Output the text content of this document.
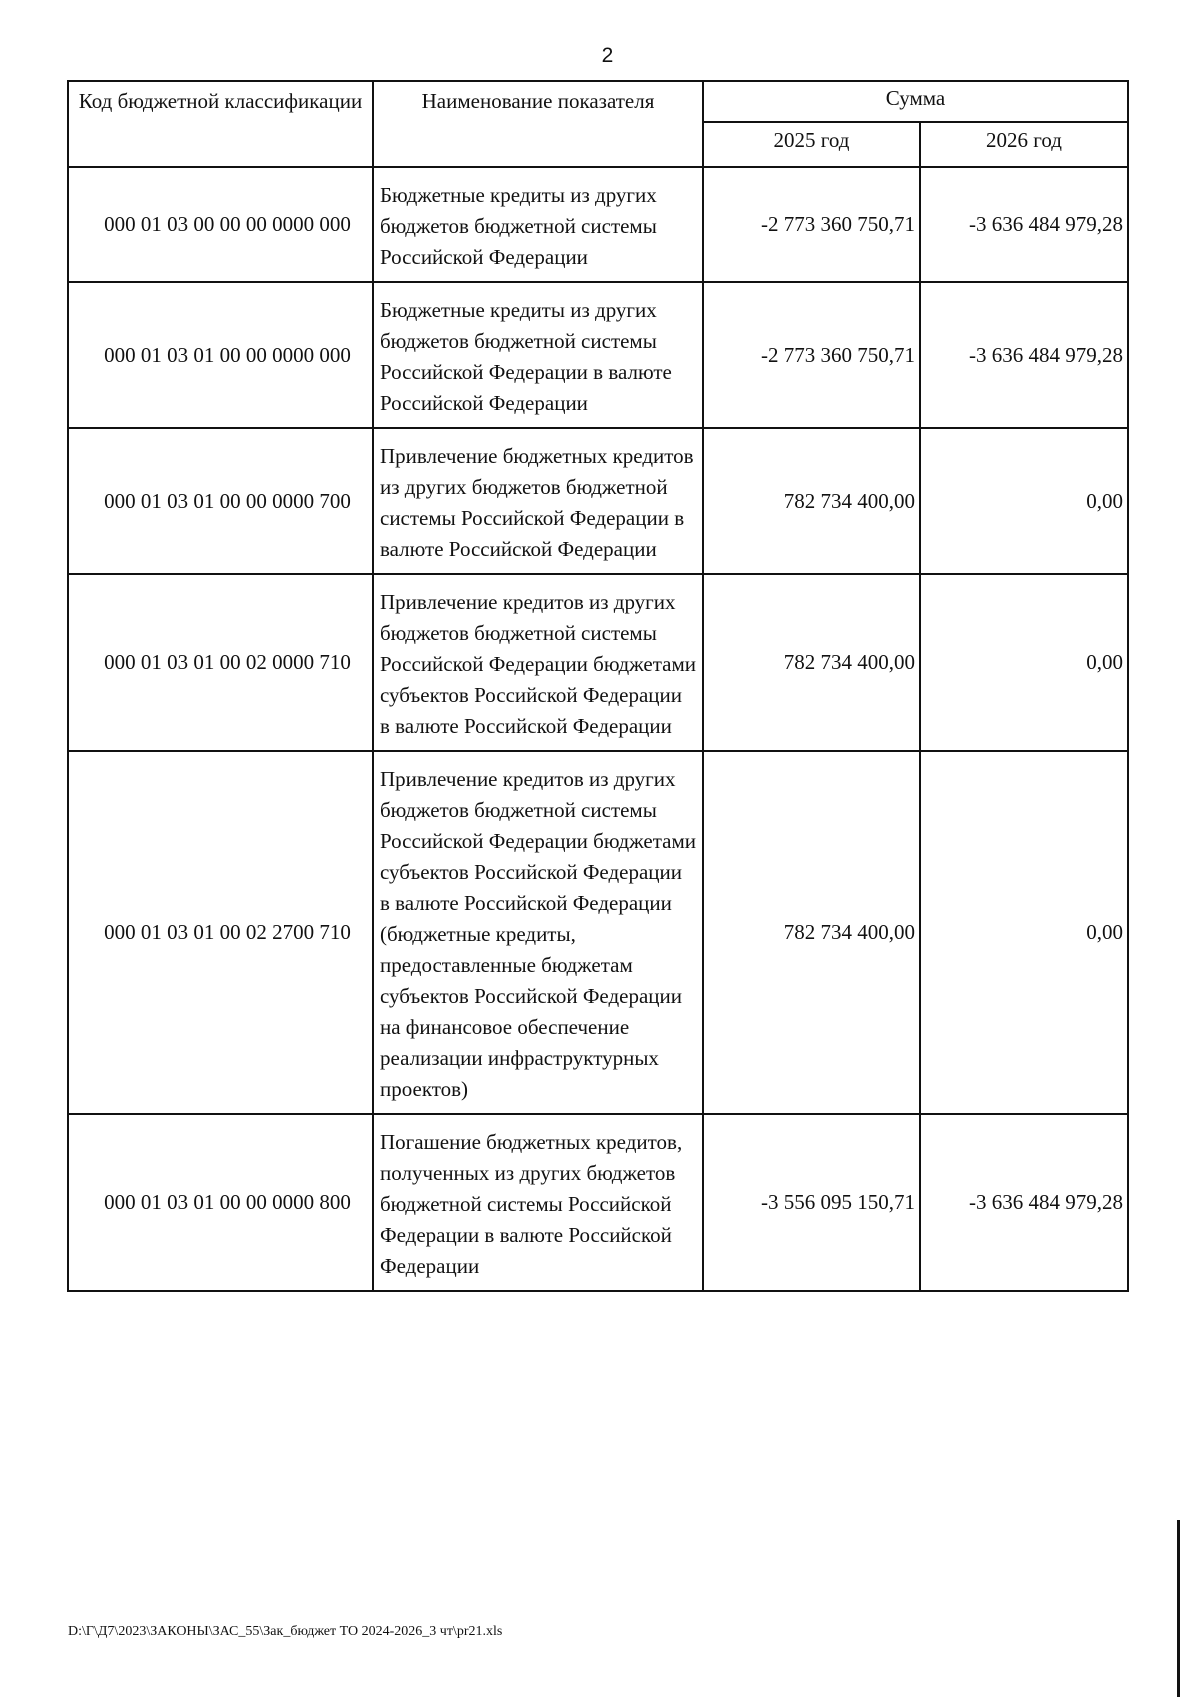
2
Код бюджетной классификации	Наименование показателя	Сумма	
		2025 год	2026 год
000 01 03 00 00 00 0000 000	Бюджетные кредиты из других бюджетов бюджетной системы Российской Федерации	-2 773 360 750,71	-3 636 484 979,28
000 01 03 01 00 00 0000 000	Бюджетные кредиты из других бюджетов бюджетной системы Российской Федерации в валюте Российской Федерации	-2 773 360 750,71	-3 636 484 979,28
000 01 03 01 00 00 0000 700	Привлечение бюджетных кредитов из других бюджетов бюджетной системы Российской Федерации в валюте Российской Федерации	782 734 400,00	0,00
000 01 03 01 00 02 0000 710	Привлечение кредитов из других бюджетов бюджетной системы Российской Федерации бюджетами субъектов Российской Федерации в валюте Российской Федерации	782 734 400,00	0,00
000 01 03 01 00 02 2700 710	Привлечение кредитов из других бюджетов бюджетной системы Российской Федерации бюджетами субъектов Российской Федерации в валюте Российской Федерации (бюджетные кредиты, предоставленные бюджетам субъектов Российской Федерации на финансовое обеспечение реализации инфраструктурных проектов)	782 734 400,00	0,00
000 01 03 01 00 00 0000 800	Погашение бюджетных кредитов, полученных из других бюджетов бюджетной системы Российской Федерации в валюте Российской Федерации	-3 556 095 150,71	-3 636 484 979,28
D:\Г\Д7\2023\ЗАКОНЫ\ЗАС_55\Зак_бюджет ТО 2024-2026_3 чт\pr21.xls
